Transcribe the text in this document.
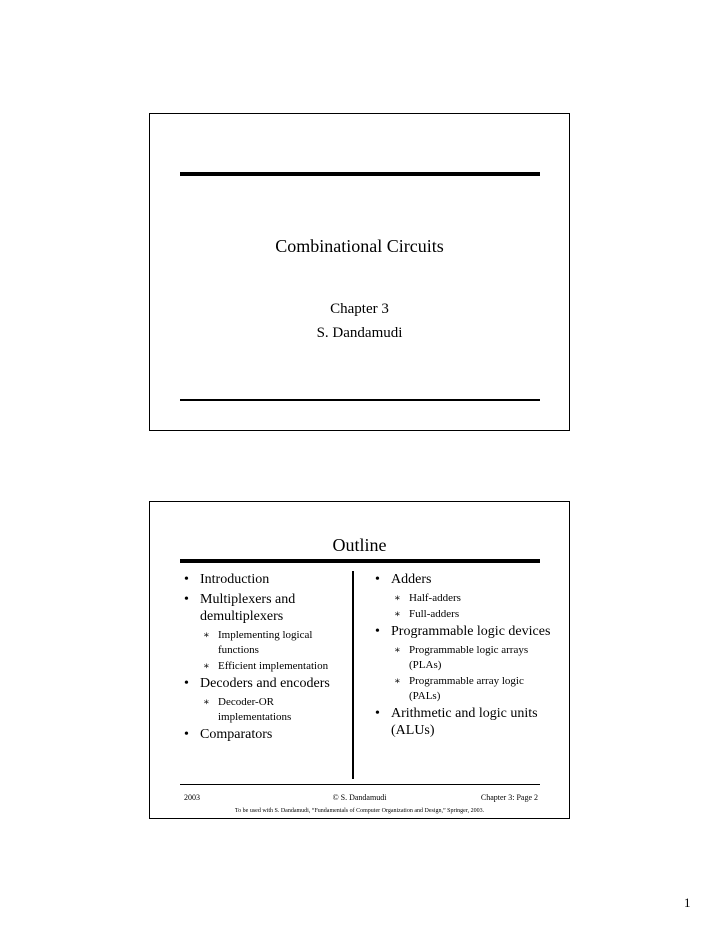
Combinational Circuits
Chapter 3
S. Dandamudi
Outline
• Introduction
• Multiplexers and demultiplexers
∗ Implementing logical functions
∗ Efficient implementation
• Decoders and encoders
∗ Decoder-OR implementations
• Comparators
• Adders
∗ Half-adders
∗ Full-adders
• Programmable logic devices
∗ Programmable logic arrays (PLAs)
∗ Programmable array logic (PALs)
• Arithmetic and logic units (ALUs)
2003	© S. Dandamudi	Chapter 3: Page 2
To be used with S. Dandamudi, “Fundamentals of Computer Organization and Design,” Springer, 2003.
1
